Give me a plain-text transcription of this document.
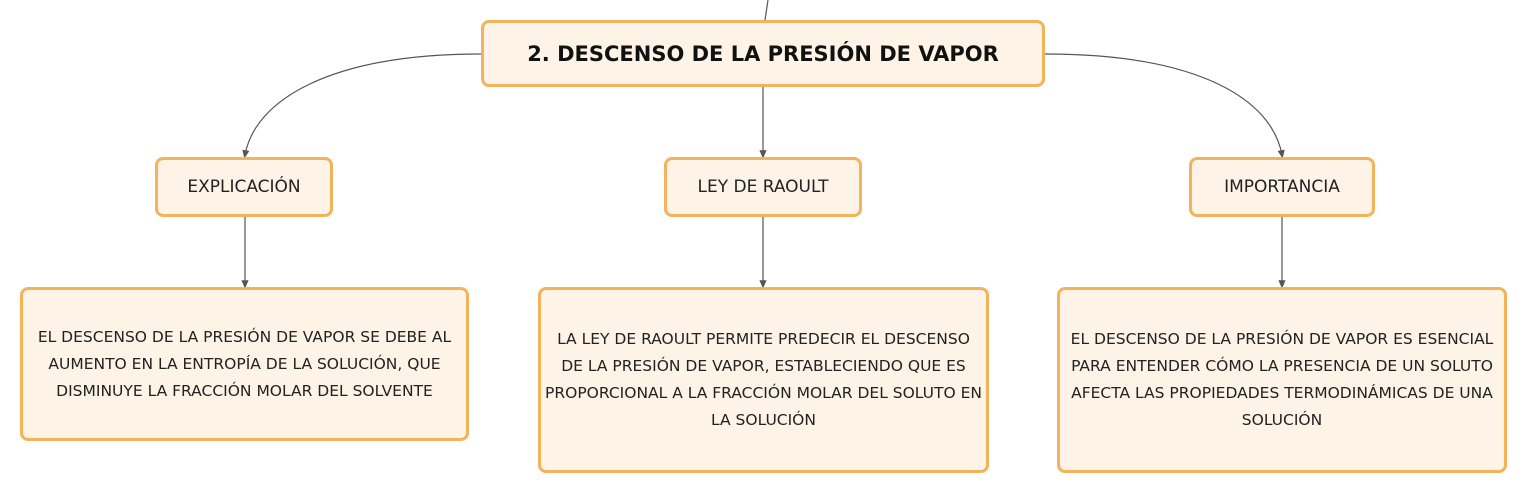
2. DESCENSO DE LA PRESIÓN DE VAPOR
EXPLICACIÓN	LEY DE RAOULT	IMPORTANCIA
EL DESCENSO DE LA PRESIÓN DE VAPOR SE DEBE AL AUMENTO EN LA ENTROPÍA DE LA SOLUCIÓN, QUE DISMINUYE LA FRACCIÓN MOLAR DEL SOLVENTE
LA LEY DE RAOULT PERMITE PREDECIR EL DESCENSO DE LA PRESIÓN DE VAPOR, ESTABLECIENDO QUE ES PROPORCIONAL A LA FRACCIÓN MOLAR DEL SOLUTO EN LA SOLUCIÓN
EL DESCENSO DE LA PRESIÓN DE VAPOR ES ESENCIAL PARA ENTENDER CÓMO LA PRESENCIA DE UN SOLUTO AFECTA LAS PROPIEDADES TERMODINÁMICAS DE UNA SOLUCIÓN
